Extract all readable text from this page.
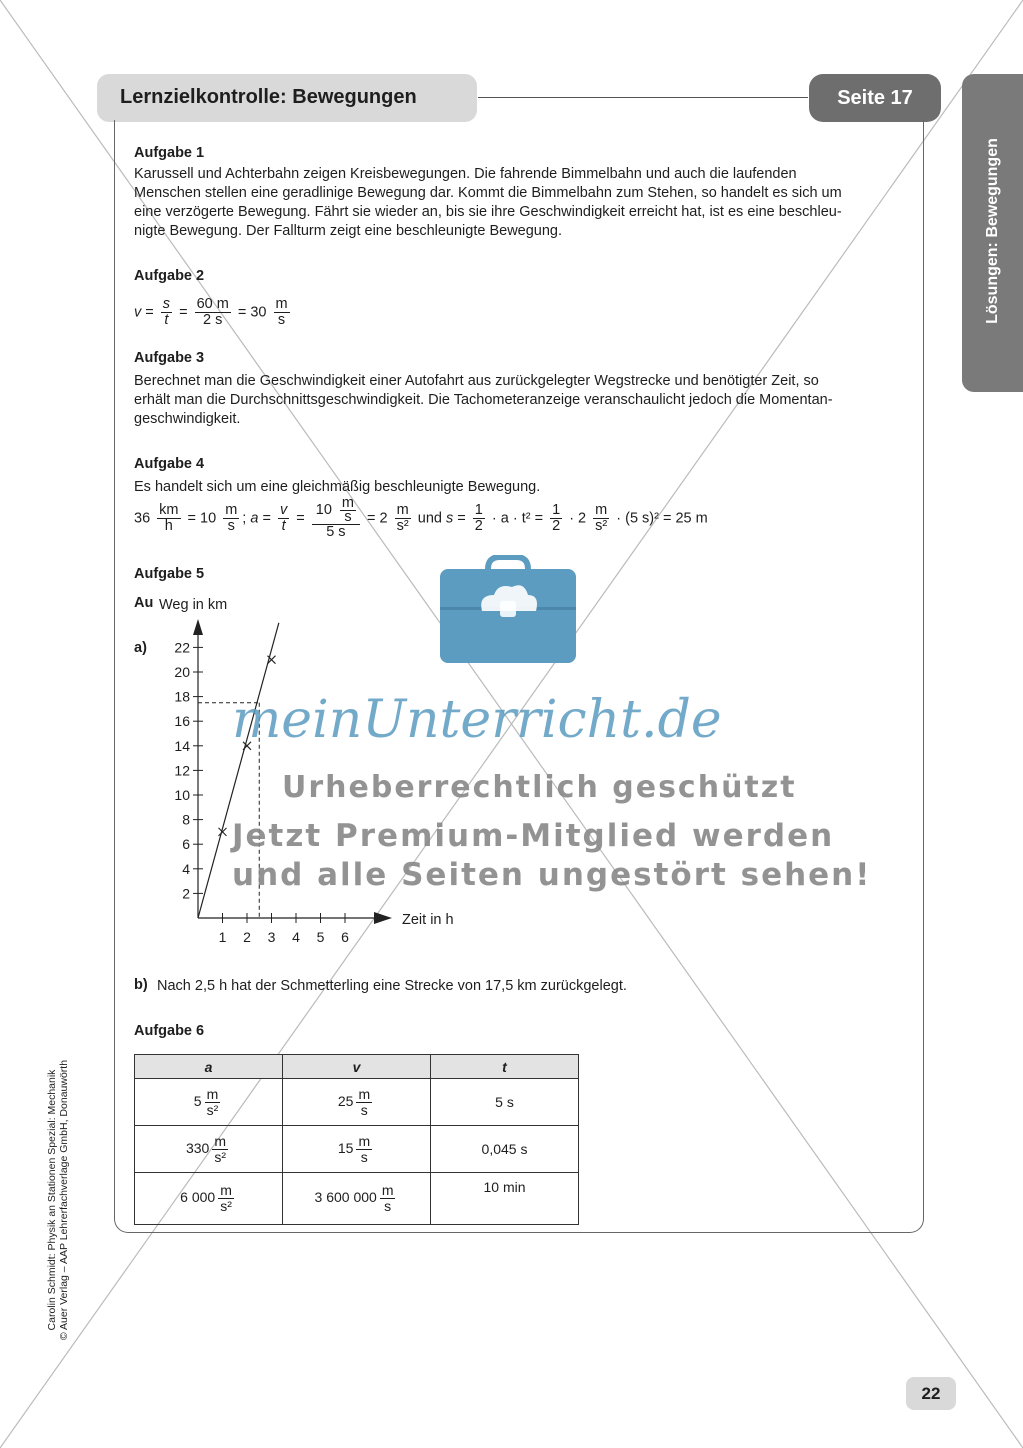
Lernzielkontrolle: Bewegungen	Seite 17
Lösungen: Bewegungen
Aufgabe 1
Karussell und Achterbahn zeigen Kreisbewegungen. Die fahrende Bimmelbahn und auch die laufenden
Menschen stellen eine geradlinige Bewegung dar. Kommt die Bimmelbahn zum Stehen, so handelt es sich um
eine verzögerte Bewegung. Fährt sie wieder an, bis sie ihre Geschwindigkeit erreicht hat, ist es eine beschleu-
nigte Bewegung. Der Fallturm zeigt eine beschleunigte Bewegung.
Aufgabe 2
$v = \frac{s}{t} = \frac{60 m}{2 s} = 30 \frac{m}{s}$
Aufgabe 3
Berechnet man die Geschwindigkeit einer Autofahrt aus zurückgelegter Wegstrecke und benötigter Zeit, so
erhält man die Durchschnittsgeschwindigkeit. Die Tachometeranzeige veranschaulicht jedoch die Momentan-
geschwindigkeit.
Aufgabe 4
Es handelt sich um eine gleichmäßig beschleunigte Bewegung.
$36 \frac{km}{h} = 10 \frac{m}{s}$ ; $a = \frac{v}{t} = \frac{10 \frac{m}{s}}{5 s} = 2 \frac{m}{\text{s²}}$ und $s = \frac{1}{2} \cdot a \cdot t^2 = \frac{1}{2} \cdot 2 \frac{m}{\text{s²}} \cdot (5$ s)² = 25 m
Aufgabe 5
Au
a)
Weg in km
Zeit in h
1 2 3 4 5 6
2
4
6
8
10
12
14
16
18
20
22
b) Nach 2,5 h hat der Schmetterling eine Strecke von 17,5 km zurückgelegt.
Aufgabe 6
a	v	t
$5 \frac{m}{\text{s²}}$	$25 \frac{m}{s}$	5 s
$330 \frac{m}{\text{s²}}$	$15 \frac{m}{s}$	0,045 s
6 $000 \frac{m}{\text{s²}}$	3 600 $000 \frac{m}{s}$	10 min
Carolin Schmidt: Physik an Stationen Spezial: Mechanik © Auer Verlag – AAP Lehrerfachverlage GmbH, Donauwörth
22
meinUnterricht.de
Urheberrechtlich geschützt
Jetzt Premium-Mitglied werden
und alle Seiten ungestört sehen!
